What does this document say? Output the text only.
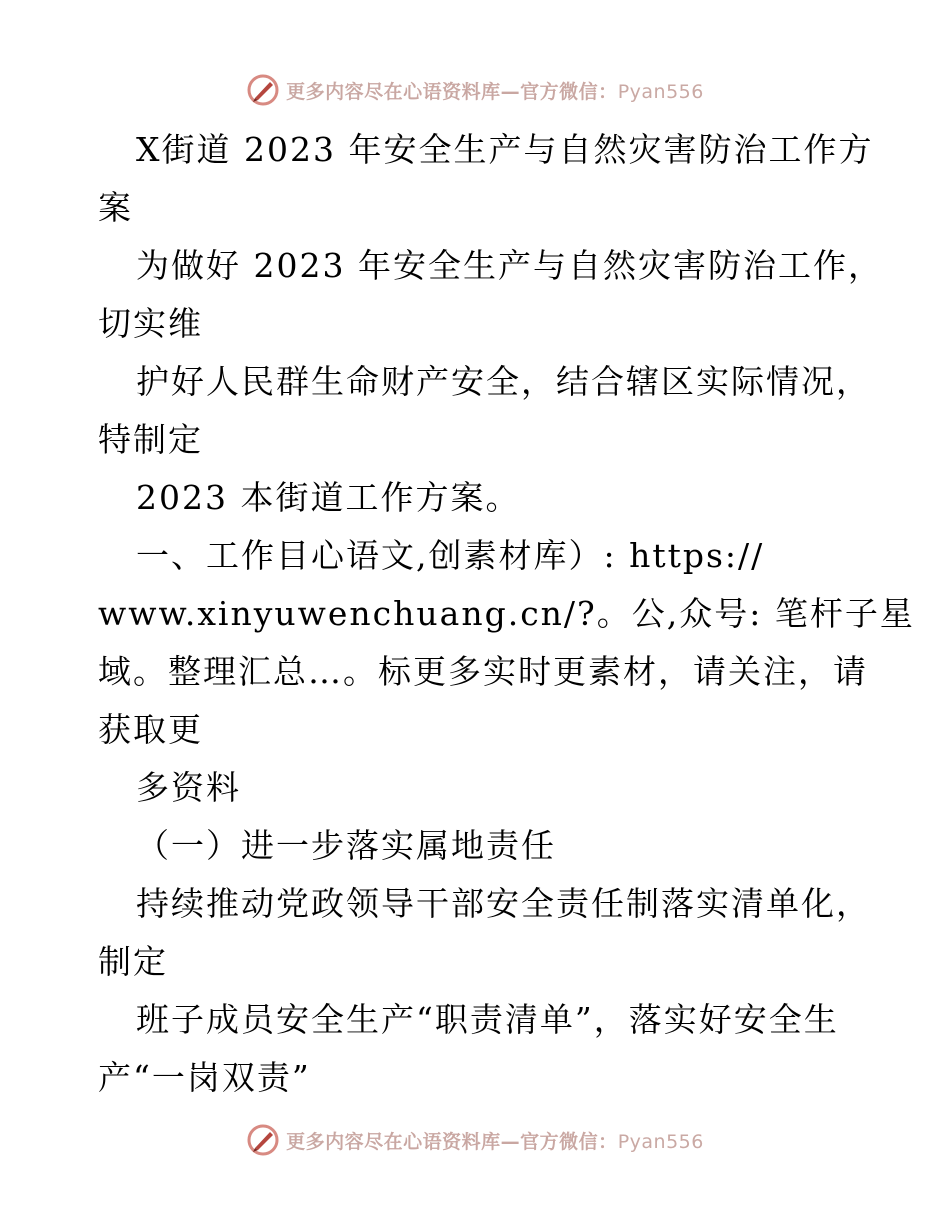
更多内容尽在心语资料库—官方微信：Pyan556
X街道 2023 年安全生产与自然灾害防治工作方
案
为做好 2023 年安全生产与自然灾害防治工作，
切实维
护好人民群生命财产安全，结合辖区实际情况，
特制定
2023 本街道工作方案。
一、工作目心语文,创素材库）: https://
www.xinyuwenchuang.cn/?。公,众号: 笔杆子星
域。整理汇总…。标更多实时更素材，请关注，请
获取更
多资料
（一）进一步落实属地责任
持续推动党政领导干部安全责任制落实清单化，
制定
班子成员安全生产“职责清单”，落实好安全生
产“一岗双责”
更多内容尽在心语资料库—官方微信：Pyan556
